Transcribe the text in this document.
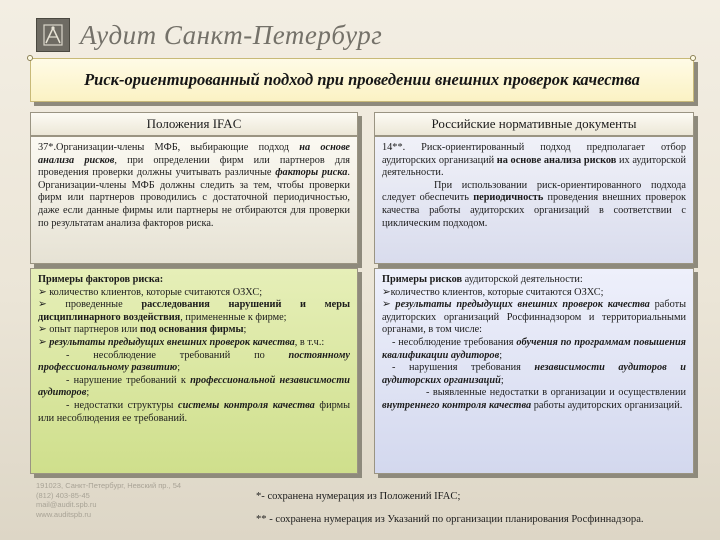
Аудит Санкт-Петербург
Риск-ориентированный подход при проведении внешних проверок качества
Положения IFAC	Российские нормативные документы

37*.Организации-члены МФБ, выбирающие подход на основе анализа рисков, при определении фирм или партнеров для проведения проверки должны учитывать различные факторы риска. Организации-члены МФБ должны следить за тем, чтобы проверки фирм или партнеров проводились с достаточной периодичностью, даже если данные фирмы или партнеры не отбираются для проверки по результатам анализа факторов риска.

14**. Риск-ориентированный подход предполагает отбор аудиторских организаций на основе анализа рисков их аудиторской деятельности.

При использовании риск-ориентированного подхода следует обеспечить периодичность проведения внешних проверок качества работы аудиторских организаций в соответствии с циклическим подходом.

Примеры факторов риска:

➢ количество клиентов, которые считаются ОЗХС;

➢ проведенные расследования нарушений и меры дисциплинарного воздействия, примененные к фирме;

➢ опыт партнеров или под основания фирмы;

➢ результаты предыдущих внешних проверок качества, в т.ч.:

- несоблюдение требований по постоянному профессиональному развитию;

- нарушение требований к профессиональной независимости аудиторов;

- недостатки структуры системы контроля качества фирмы или несоблюдения ее требований.

Примеры рисков аудиторской деятельности:

➢количество клиентов, которые считаются ОЗХС;

➢ результаты предыдущих внешних проверок качества работы аудиторских организаций Росфиннадзором и территориальными органами, в том числе:

- несоблюдение требования обучения по программам повышения квалификации аудиторов;

- нарушения требования независимости аудиторов и аудиторских организаций;

- выявленные недостатки в организации и осуществлении внутреннего контроля качества работы аудиторских организаций.

191023, Санкт-Петербург, Невский пр., 54
(812) 403-85-45
mail@audit.spb.ru
www.auditspb.ru
*- сохранена нумерация из Положений IFAC;
** - сохранена нумерация из Указаний по организации планирования Росфиннадзора.
